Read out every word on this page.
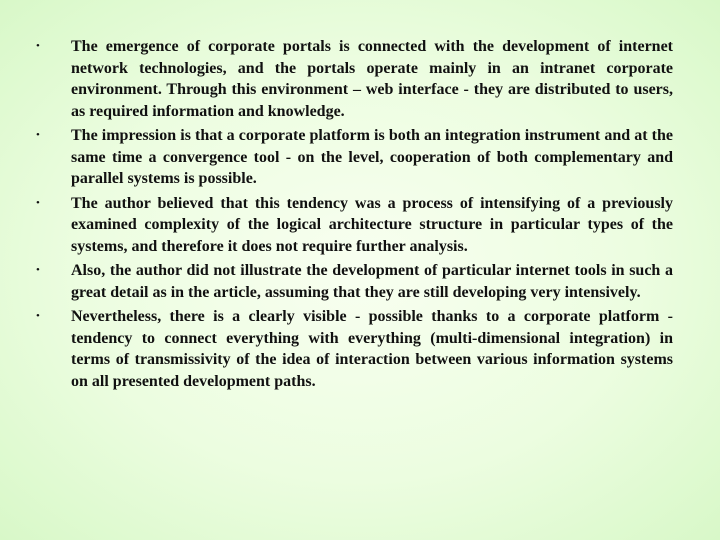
•	The emergence of corporate portals is connected with the development of internet network technologies, and the portals operate mainly in an intranet corporate environment. Through this environment – web interface - they are distributed to users, as required information and knowledge.
•	The impression is that a corporate platform is both an integration instrument and at the same time a convergence tool - on the level, cooperation of both complementary and parallel systems is possible.
•	The author believed that this tendency was a process of intensifying of a previously examined complexity of the logical architecture structure in particular types of the systems, and therefore it does not require further analysis.
•	Also, the author did not illustrate the development of particular internet tools in such a great detail as in the article, assuming that they are still developing very intensively.
•	Nevertheless, there is a clearly visible - possible thanks to a corporate platform - tendency to connect everything with everything (multi-dimensional integration) in terms of transmissivity of the idea of interaction between various information systems on all presented development paths.
